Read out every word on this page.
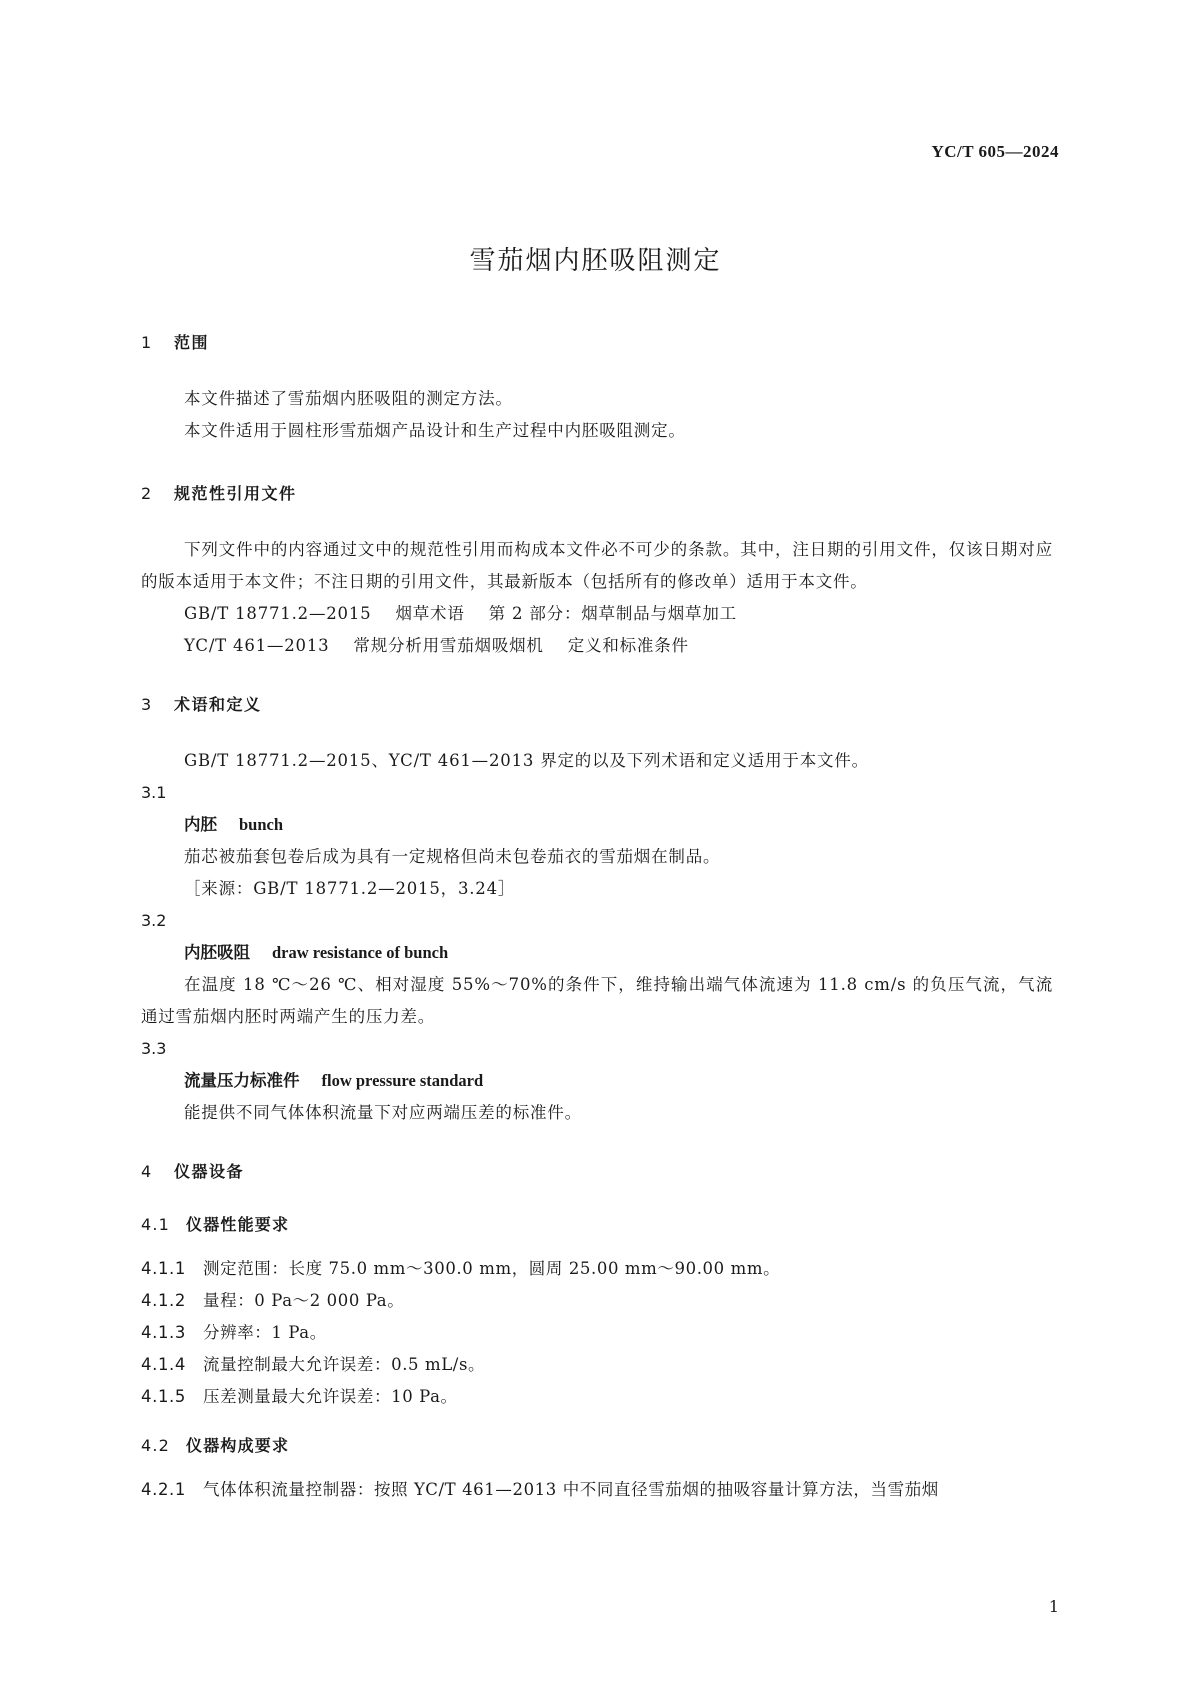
YC/T 605—2024
雪茄烟内胚吸阻测定
1 范围
本文件描述了雪茄烟内胚吸阻的测定方法。
本文件适用于圆柱形雪茄烟产品设计和生产过程中内胚吸阻测定。
2 规范性引用文件
下列文件中的内容通过文中的规范性引用而构成本文件必不可少的条款。其中，注日期的引用文件，仅该日期对应的版本适用于本文件；不注日期的引用文件，其最新版本（包括所有的修改单）适用于本文件。
GB/T 18771.2—2015 烟草术语 第 2 部分：烟草制品与烟草加工
YC/T 461—2013 常规分析用雪茄烟吸烟机 定义和标准条件
3 术语和定义
GB/T 18771.2—2015、YC/T 461—2013 界定的以及下列术语和定义适用于本文件。
3.1
内胚 bunch
茄芯被茄套包卷后成为具有一定规格但尚未包卷茄衣的雪茄烟在制品。
［来源：GB/T 18771.2—2015，3.24］
3.2
内胚吸阻 draw resistance of bunch
在温度 18 ℃～26 ℃、相对湿度 55%～70%的条件下，维持输出端气体流速为 11.8 cm/s 的负压气流，气流通过雪茄烟内胚时两端产生的压力差。
3.3
流量压力标准件 flow pressure standard
能提供不同气体体积流量下对应两端压差的标准件。
4 仪器设备
4.1 仪器性能要求
4.1.1 测定范围：长度 75.0 mm～300.0 mm，圆周 25.00 mm～90.00 mm。
4.1.2 量程：0 Pa～2 000 Pa。
4.1.3 分辨率：1 Pa。
4.1.4 流量控制最大允许误差：0.5 mL/s。
4.1.5 压差测量最大允许误差：10 Pa。
4.2 仪器构成要求
4.2.1 气体体积流量控制器：按照 YC/T 461—2013 中不同直径雪茄烟的抽吸容量计算方法，当雪茄烟
1
